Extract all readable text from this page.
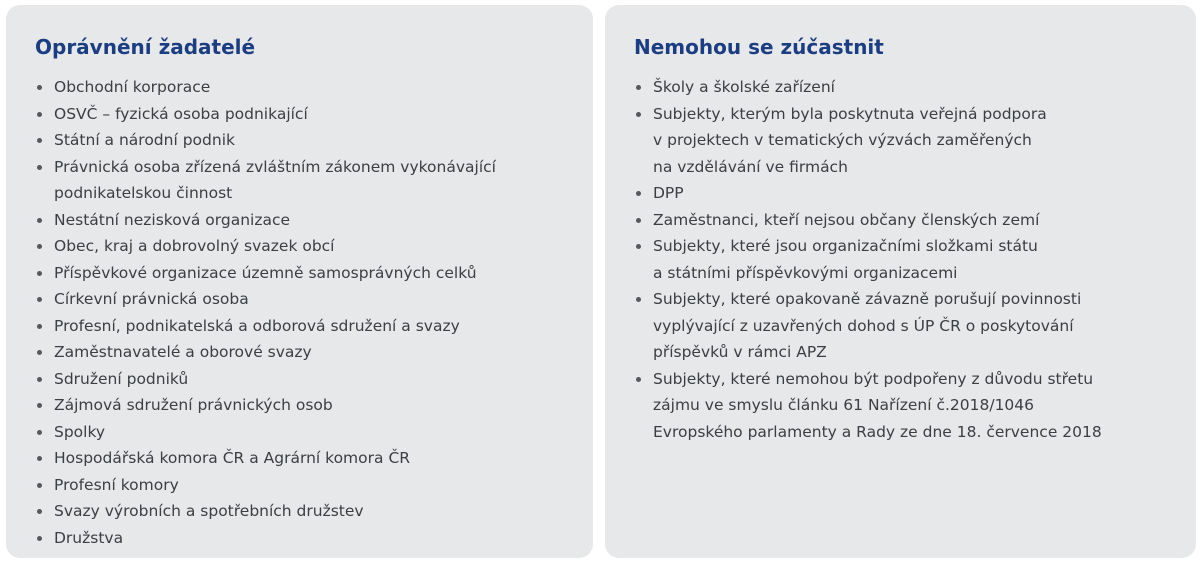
Oprávnění žadatelé
Obchodní korporace
OSVČ – fyzická osoba podnikající
Státní a národní podnik
Právnická osoba zřízená zvláštním zákonem vykonávající
podnikatelskou činnost
Nestátní nezisková organizace
Obec, kraj a dobrovolný svazek obcí
Příspěvkové organizace územně samosprávných celků
Církevní právnická osoba
Profesní, podnikatelská a odborová sdružení a svazy
Zaměstnavatelé a oborové svazy
Sdružení podniků
Zájmová sdružení právnických osob
Spolky
Hospodářská komora ČR a Agrární komora ČR
Profesní komory
Svazy výrobních a spotřebních družstev
Družstva
Nemohou se zúčastnit
Školy a školské zařízení
Subjekty, kterým byla poskytnuta veřejná podpora
v projektech v tematických výzvách zaměřených
na vzdělávání ve firmách
DPP
Zaměstnanci, kteří nejsou občany členských zemí
Subjekty, které jsou organizačními složkami státu
a státními příspěvkovými organizacemi
Subjekty, které opakovaně závazně porušují povinnosti
vyplývající z uzavřených dohod s ÚP ČR o poskytování
příspěvků v rámci APZ
Subjekty, které nemohou být podpořeny z důvodu střetu
zájmu ve smyslu článku 61 Nařízení č.2018/1046
Evropského parlamenty a Rady ze dne 18. července 2018
